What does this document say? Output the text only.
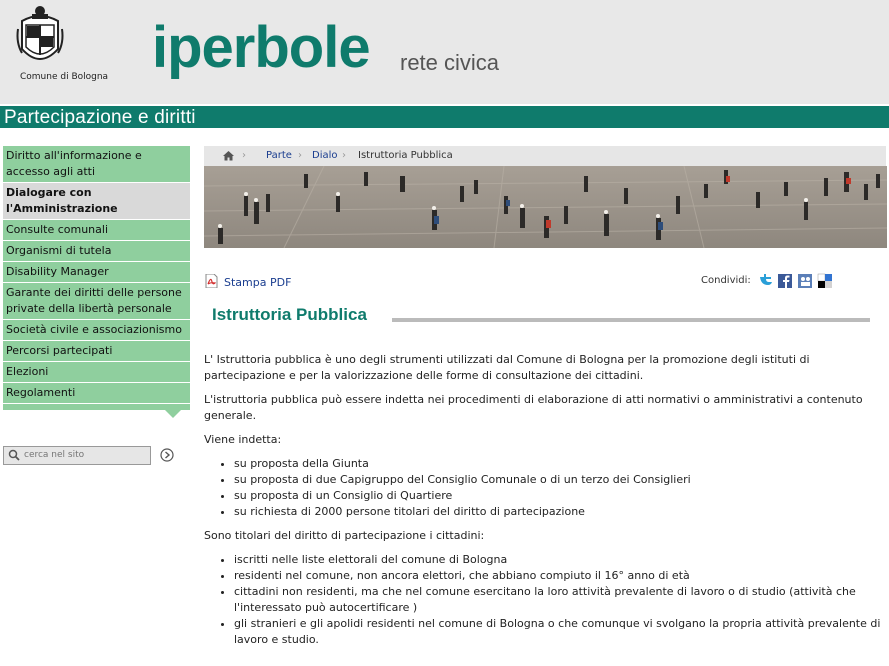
Comune di Bologna iperbole rete civica
Partecipazione e diritti
Diritto all'informazione e accesso agli atti
Dialogare con l'Amministrazione
Consulte comunali
Organismi di tutela
Disability Manager
Garante dei diritti delle persone private della libertà personale
Società civile e associazionismo
Percorsi partecipati
Elezioni
Regolamenti
cerca nel sito
› Parte › Dialo › Istruttoria Pubblica
Stampa PDF	Condividi:
Istruttoria Pubblica

L' Istruttoria pubblica è uno degli strumenti utilizzati dal Comune di Bologna per la promozione degli istituti di partecipazione e per la valorizzazione delle forme di consultazione dei cittadini.

L'istruttoria pubblica può essere indetta nei procedimenti di elaborazione di atti normativi o amministrativi a contenuto generale.

Viene indetta:

• su proposta della Giunta
• su proposta di due Capigruppo del Consiglio Comunale o di un terzo dei Consiglieri
• su proposta di un Consiglio di Quartiere
• su richiesta di 2000 persone titolari del diritto di partecipazione

Sono titolari del diritto di partecipazione i cittadini:

• iscritti nelle liste elettorali del comune di Bologna
• residenti nel comune, non ancora elettori, che abbiano compiuto il 16° anno di età
• cittadini non residenti, ma che nel comune esercitano la loro attività prevalente di lavoro o di studio (attività che l'interessato può autocertificare )
• gli stranieri e gli apolidi residenti nel comune di Bologna o che comunque vi svolgano la propria attività prevalente di lavoro e studio.
